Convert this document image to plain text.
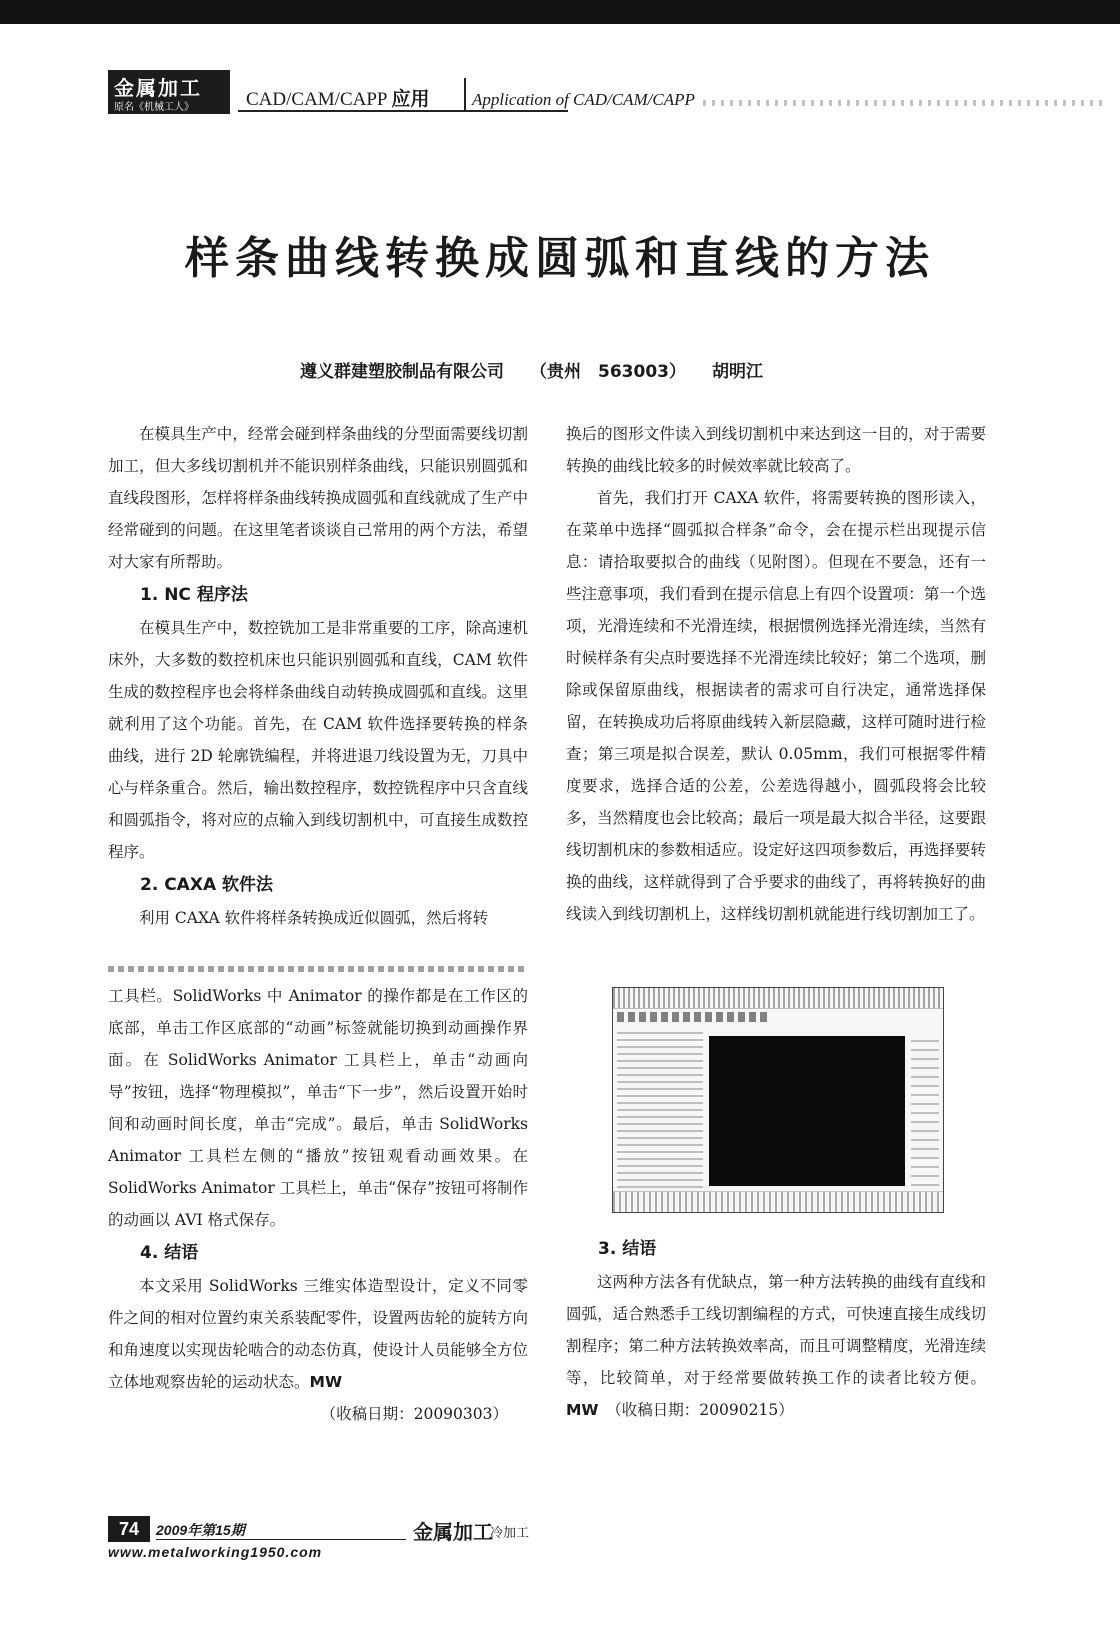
金属加工
原名《机械工人》	CAD/CAM/CAPP 应用 Application of CAD/CAM/CAPP
样条曲线转换成圆弧和直线的方法
遵义群建塑胶制品有限公司 （贵州　563003） 胡明江

在模具生产中，经常会碰到样条曲线的分型面需要线切割加工，但大多线切割机并不能识别样条曲线，只能识别圆弧和直线段图形，怎样将样条曲线转换成圆弧和直线就成了生产中经常碰到的问题。在这里笔者谈谈自己常用的两个方法，希望对大家有所帮助。

1. NC 程序法

在模具生产中，数控铣加工是非常重要的工序，除高速机床外，大多数的数控机床也只能识别圆弧和直线，CAM 软件生成的数控程序也会将样条曲线自动转换成圆弧和直线。这里就利用了这个功能。首先，在 CAM 软件选择要转换的样条曲线，进行 2D 轮廓铣编程，并将进退刀线设置为无，刀具中心与样条重合。然后，输出数控程序，数控铣程序中只含直线和圆弧指令，将对应的点输入到线切割机中，可直接生成数控程序。

2. CAXA 软件法

利用 CAXA 软件将样条转换成近似圆弧，然后将转

换后的图形文件读入到线切割机中来达到这一目的，对于需要转换的曲线比较多的时候效率就比较高了。

首先，我们打开 CAXA 软件，将需要转换的图形读入，在菜单中选择“圆弧拟合样条”命令，会在提示栏出现提示信息：请拾取要拟合的曲线（见附图）。但现在不要急，还有一些注意事项，我们看到在提示信息上有四个设置项：第一个选项，光滑连续和不光滑连续，根据惯例选择光滑连续，当然有时候样条有尖点时要选择不光滑连续比较好；第二个选项，删除或保留原曲线，根据读者的需求可自行决定，通常选择保留，在转换成功后将原曲线转入新层隐藏，这样可随时进行检查；第三项是拟合误差，默认 0.05mm，我们可根据零件精度要求，选择合适的公差，公差选得越小，圆弧段将会比较多，当然精度也会比较高；最后一项是最大拟合半径，这要跟线切割机床的参数相适应。设定好这四项参数后，再选择要转换的曲线，这样就得到了合乎要求的曲线了，再将转换好的曲线读入到线切割机上，这样线切割机就能进行线切割加工了。

工具栏。SolidWorks 中 Animator 的操作都是在工作区的底部，单击工作区底部的“动画”标签就能切换到动画操作界面。在 SolidWorks Animator 工具栏上，单击“动画向导”按钮，选择“物理模拟”，单击“下一步”，然后设置开始时间和动画时间长度，单击“完成”。最后，单击 SolidWorks Animator 工具栏左侧的“播放”按钮观看动画效果。在 SolidWorks Animator 工具栏上，单击“保存”按钮可将制作的动画以 AVI 格式保存。

4. 结语

本文采用 SolidWorks 三维实体造型设计，定义不同零件之间的相对位置约束关系装配零件，设置两齿轮的旋转方向和角速度以实现齿轮啮合的动态仿真，使设计人员能够全方位立体地观察齿轮的运动状态。MW

（收稿日期：20090303）
3. 结语

这两种方法各有优缺点，第一种方法转换的曲线有直线和圆弧，适合熟悉手工线切割编程的方式，可快速直接生成线切割程序；第二种方法转换效率高，而且可调整精度，光滑连续等，比较简单，对于经常要做转换工作的读者比较方便。MW　 （收稿日期：20090215）

74	2009年第15期	金属加工
冷加工
www.metalworking1950.com
